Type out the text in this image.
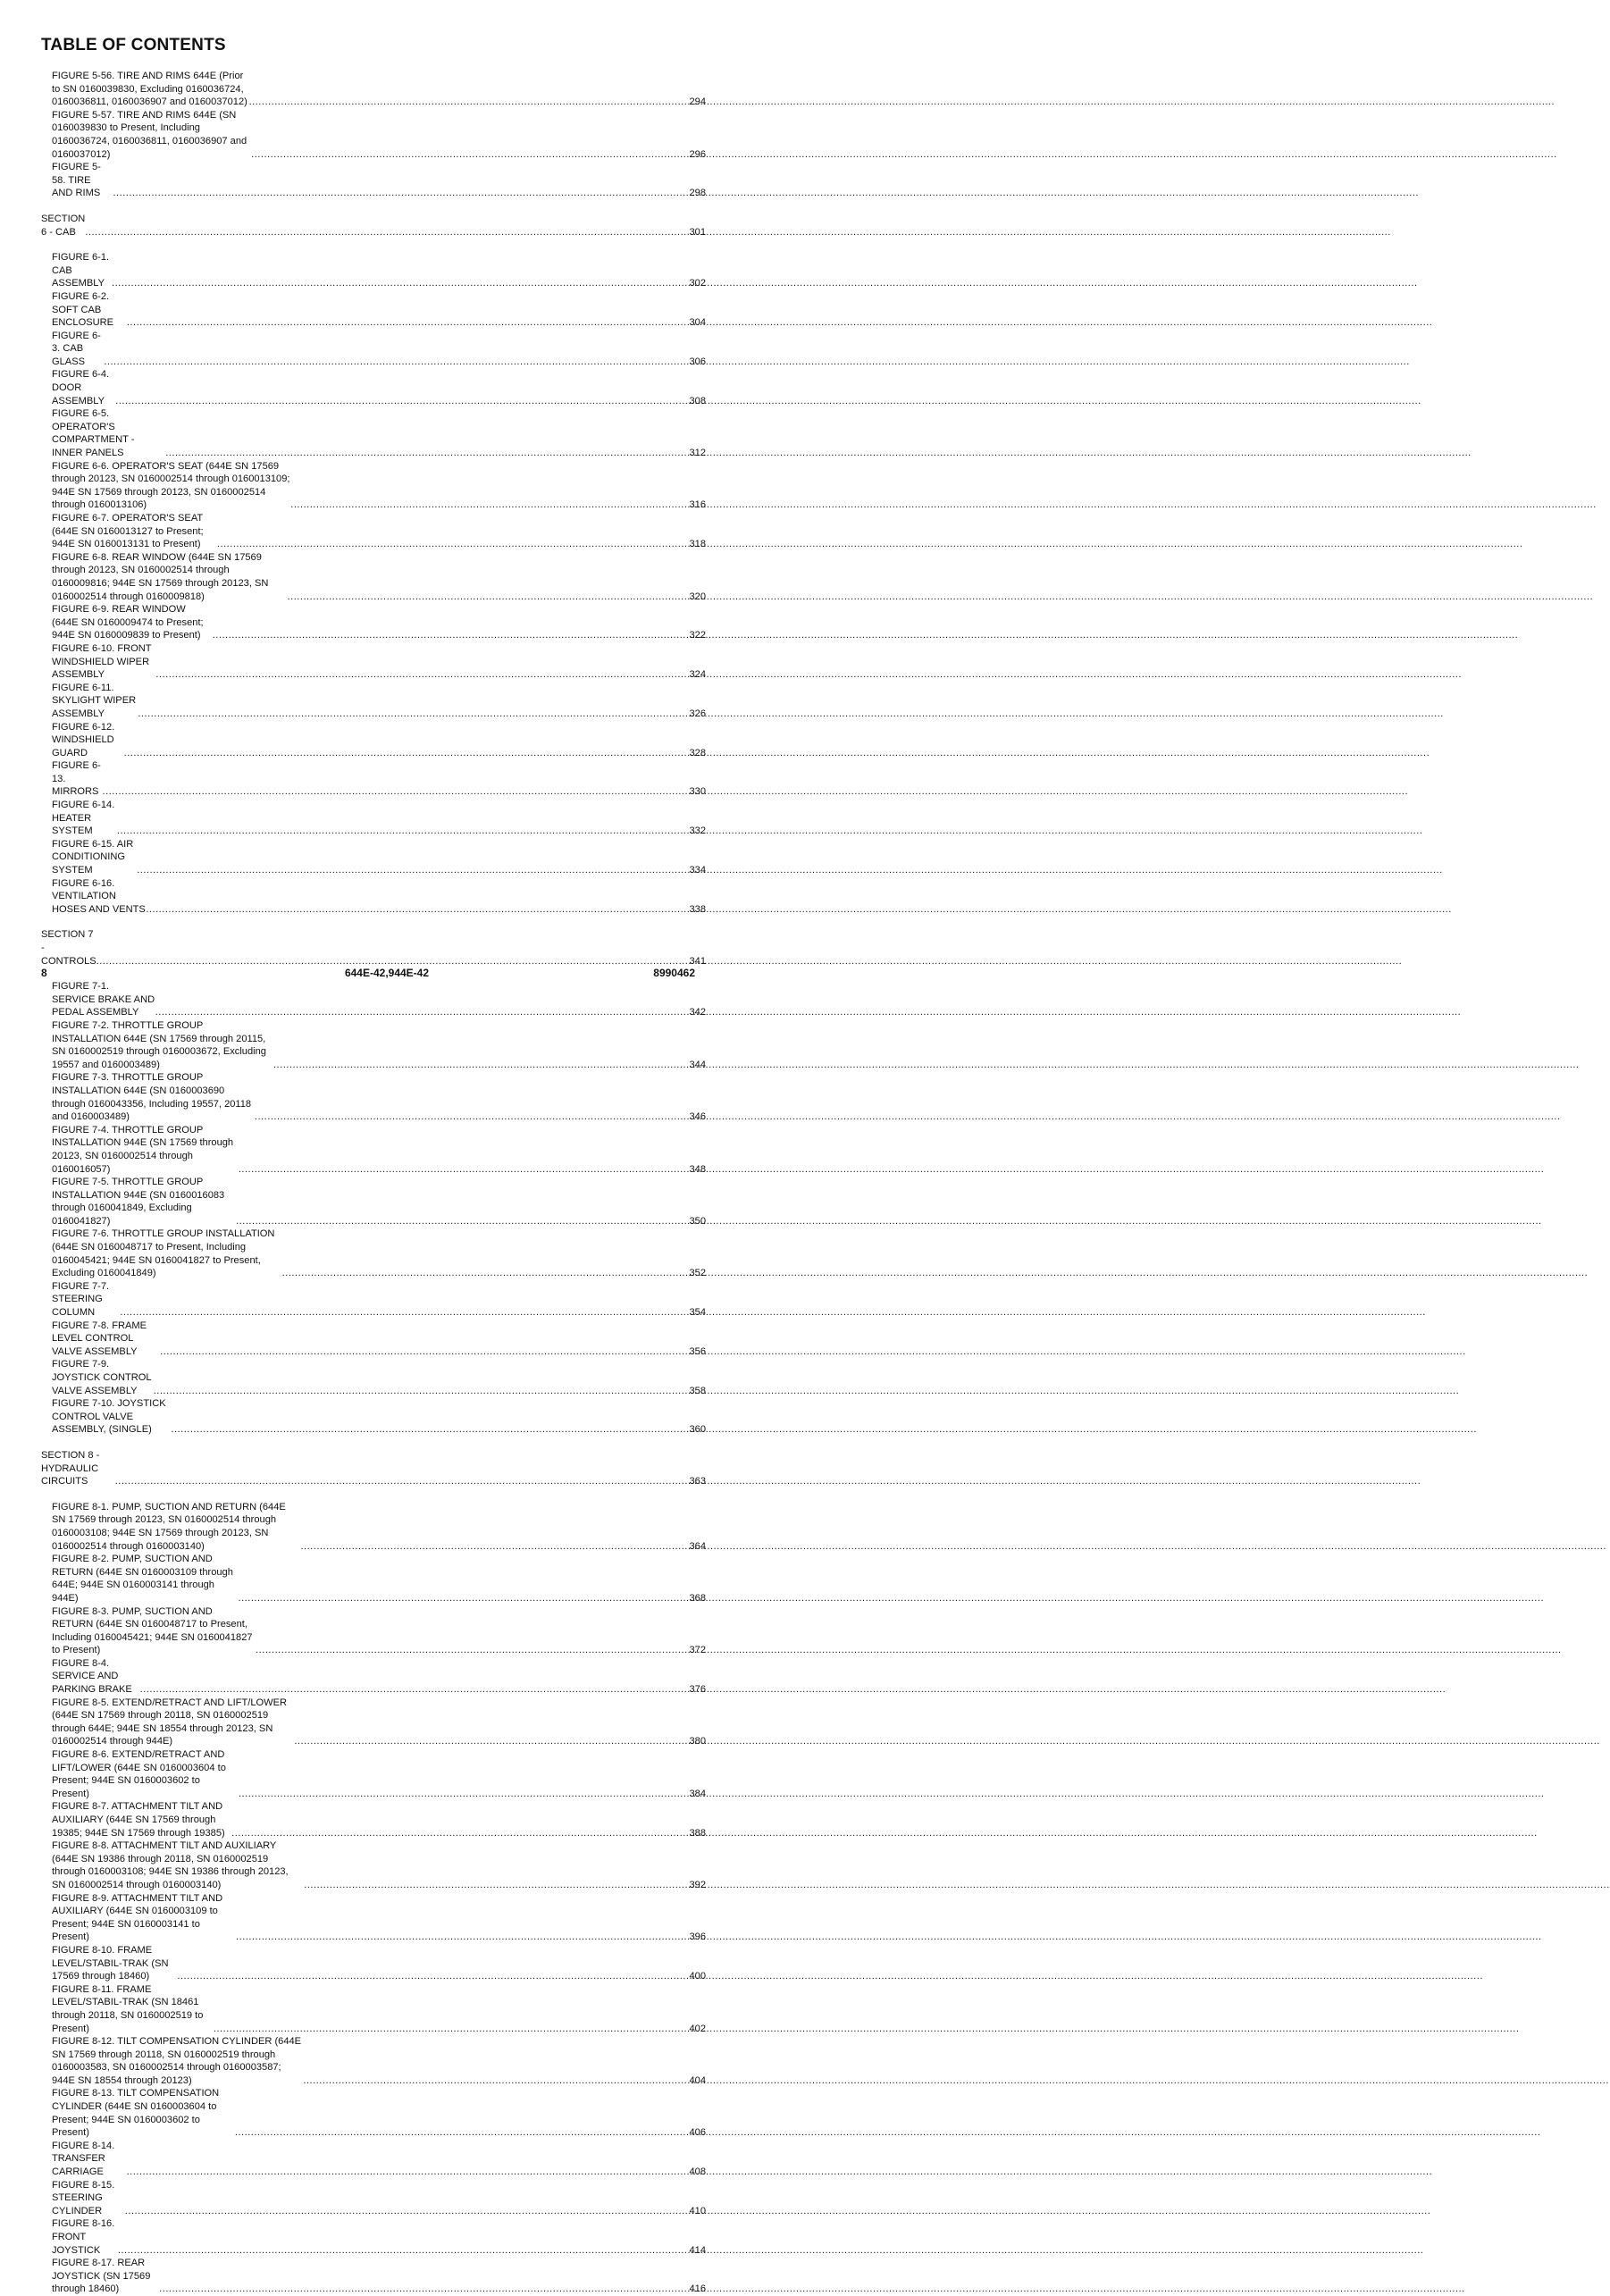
TABLE OF CONTENTS
FIGURE 5-56. TIRE AND RIMS 644E (Prior to SN 0160039830, Excluding 0160036724, 0160036811, 0160036907 and 0160037012) .....	294
FIGURE 5-57. TIRE AND RIMS 644E (SN 0160039830 to Present, Including 0160036724, 0160036811, 0160036907 and 0160037012) .....	296
FIGURE 5-58. TIRE AND RIMS .....	298
SECTION 6 - CAB .....	301
FIGURE 6-1. CAB ASSEMBLY .....	302
FIGURE 6-2. SOFT CAB ENCLOSURE .....	304
FIGURE 6-3. CAB GLASS .....	306
FIGURE 6-4. DOOR ASSEMBLY .....	308
FIGURE 6-5. OPERATOR'S COMPARTMENT - INNER PANELS .....	312
FIGURE 6-6. OPERATOR'S SEAT (644E SN 17569 through 20123, SN 0160002514 through 0160013109; 944E SN 17569 through 20123, SN 0160002514 through 0160013106) .....	316
FIGURE 6-7. OPERATOR'S SEAT (644E SN 0160013127 to Present; 944E SN 0160013131 to Present) .....	318
FIGURE 6-8. REAR WINDOW (644E SN 17569 through 20123, SN 0160002514 through 0160009816; 944E SN 17569 through 20123, SN 0160002514 through 0160009818) .....	320
FIGURE 6-9. REAR WINDOW (644E SN 0160009474 to Present; 944E SN 0160009839 to Present) .....	322
FIGURE 6-10. FRONT WINDSHIELD WIPER ASSEMBLY .....	324
FIGURE 6-11. SKYLIGHT WIPER ASSEMBLY .....	326
FIGURE 6-12. WINDSHIELD GUARD .....	328
FIGURE 6-13. MIRRORS .....	330
FIGURE 6-14. HEATER SYSTEM .....	332
FIGURE 6-15. AIR CONDITIONING SYSTEM .....	334
FIGURE 6-16. VENTILATION HOSES AND VENTS .....	338
SECTION 7 - CONTROLS .....	341
FIGURE 7-1. SERVICE BRAKE AND PEDAL ASSEMBLY .....	342
FIGURE 7-2. THROTTLE GROUP INSTALLATION 644E (SN 17569 through 20115, SN 0160002519 through 0160003672, Excluding 19557 and 0160003489) .....	344
FIGURE 7-3. THROTTLE GROUP INSTALLATION 644E (SN 0160003690 through 0160043356, Including 19557, 20118 and 0160003489) .....	346
FIGURE 7-4. THROTTLE GROUP INSTALLATION 944E (SN 17569 through 20123, SN 0160002514 through 0160016057) .....	348
FIGURE 7-5. THROTTLE GROUP INSTALLATION 944E (SN 0160016083 through 0160041849, Excluding 0160041827) .....	350
FIGURE 7-6. THROTTLE GROUP INSTALLATION (644E SN 0160048717 to Present, Including 0160045421; 944E SN 0160041827 to Present, Excluding 0160041849) .....	352
FIGURE 7-7. STEERING COLUMN .....	354
FIGURE 7-8. FRAME LEVEL CONTROL VALVE ASSEMBLY .....	356
FIGURE 7-9. JOYSTICK CONTROL VALVE ASSEMBLY .....	358
FIGURE 7-10. JOYSTICK CONTROL VALVE ASSEMBLY, (SINGLE) .....	360
SECTION 8 - HYDRAULIC CIRCUITS .....	363
FIGURE 8-1. PUMP, SUCTION AND RETURN (644E SN 17569 through 20123, SN 0160002514 through 0160003108; 944E SN 17569 through 20123, SN 0160002514 through 0160003140) .....	364
FIGURE 8-2. PUMP, SUCTION AND RETURN (644E SN 0160003109 through 644E; 944E SN 0160003141 through 944E) .....	368
FIGURE 8-3. PUMP, SUCTION AND RETURN (644E SN 0160048717 to Present, Including 0160045421; 944E SN 0160041827 to Present) .....	372
FIGURE 8-4. SERVICE AND PARKING BRAKE .....	376
FIGURE 8-5. EXTEND/RETRACT AND LIFT/LOWER (644E SN 17569 through 20118, SN 0160002519 through 644E; 944E SN 18554 through 20123, SN 0160002514 through 944E) .....	380
FIGURE 8-6. EXTEND/RETRACT AND LIFT/LOWER (644E SN 0160003604 to Present; 944E SN 0160003602 to Present) .....	384
FIGURE 8-7. ATTACHMENT TILT AND AUXILIARY (644E SN 17569 through 19385; 944E SN 17569 through 19385) .....	388
FIGURE 8-8. ATTACHMENT TILT AND AUXILIARY (644E SN 19386 through 20118, SN 0160002519 through 0160003108; 944E SN 19386 through 20123, SN 0160002514 through 0160003140) .....	392
FIGURE 8-9. ATTACHMENT TILT AND AUXILIARY (644E SN 0160003109 to Present; 944E SN 0160003141 to Present) .....	396
FIGURE 8-10. FRAME LEVEL/STABIL-TRAK (SN 17569 through 18460) .....	400
FIGURE 8-11. FRAME LEVEL/STABIL-TRAK (SN 18461 through 20118, SN 0160002519 to Present) .....	402
FIGURE 8-12. TILT COMPENSATION CYLINDER (644E SN 17569 through 20118, SN 0160002519 through 0160003583, SN 0160002514 through 0160003587; 944E SN 18554 through 20123) .....	404
FIGURE 8-13. TILT COMPENSATION CYLINDER (644E SN 0160003604 to Present; 944E SN 0160003602 to Present) .....	406
FIGURE 8-14. TRANSFER CARRIAGE .....	408
FIGURE 8-15. STEERING CYLINDER .....	410
FIGURE 8-16. FRONT JOYSTICK .....	414
FIGURE 8-17. REAR JOYSTICK (SN 17569 through 18460) .....	416
8	644E-42,944E-42	8990462
